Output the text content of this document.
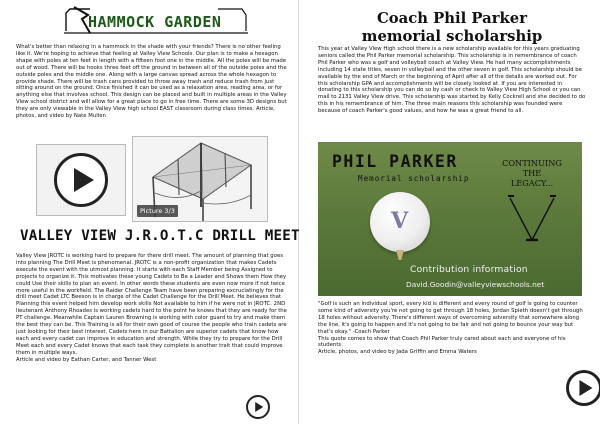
HAMMOCK GARDEN
What's better than relaxing in a hammock in the shade with your friends? There is no other feeling like it. We're hoping to achieve that feeling at Valley View Schools. Our plan is to make a hexagon shape with poles at ten feet in length with a fifteen foot one in the middle. All the poles will be made out of wood. There will be hooks three feet off the ground in between all of the outside poles and the outside poles and the middle one. Along with a large canvas spread across the whole hexagon to provide shade. There will be trash cans provided to throw away trash and reduce trash from just sitting around on the ground. Once finished it can be used as a relaxation area, reading area, or for anything else that involves school. This design can be placed and built in multiple areas in the Valley View school district and will allow for a great place to go in free time. There are some 3D designs but they are only viewable in the Valley View high school EAST classroom during class times. Article, photos, and video by Nate Mullen
Picture 3/3
VALLEY VIEW J.R.O.T.C DRILL MEET
Valley View JROTC is working hard to prepare for there drill meet. The amount of planning that goes into planning The Drill Meet is phenomenal. JROTC is a non-profit organization that makes Cadets execute the event with the utmost planning. It starts with each Staff Member being Assigned to projects to organize it. This motivates these young Cadets to Be a Leader and Shows them How they could Use their skills to plan an event. In other words these students are even now more if not twice more useful in the workfield. The Raider Challenge Team have been preparing excruciatingly for the drill meet Cadet LTC Beeson is in charge of the Cadet Challenge for the Drill Meet. He believes that Planning this event helped him develop work skills Not available to him if he were not in JROTC. 2ND lieutenant Anthony Rhoades is working cadets hard to the point he knows that they are ready for the PT challenge. Meanwhile Captain Lauren Browning is working with color guard to try and make them the best they can be. This Training is all for their own good of course the people who train cadets are just looking for their best interest. Cadets here in our Battalion are superior cadets that know how each and every cadet can improve in education and strength. While they try to prepare for the Drill Meet each and every Cadet knows that each task they complete is another trait that could improve them in multiple ways.
Article and video by Eathan Carter, and Tanner West
Coach Phil Parker
memorial scholarship
This year at Valley View High school there is a new scholarship available for this years graduating seniors called the Phil Parker memorial scholarship. This scholarship is in remembrance of coach Phil Parker who was a golf and volleyball coach at Valley View. He had many accomplishments including 14 state titles, seven in volleyball and the other seven in golf. This scholarship should be available by the end of March or the beginning of April after all of the details are worked out. For this scholarship GPA and accomplishments will be closely looked at. If you are interested in donating to this scholarship you can do so by cash or check to Valley View High School or you can mail to 2131 Valley View drive. This scholarship was started by Kelly Cockrell and she decided to do this in his remembrance of him. The three main reasons this scholarship was founded were because of coach Parker's good values, and how he was a great friend to all.
PHIL PARKER
Memorial scholarship
V
CONTINUING
THE
LEGACY...
Contribution information
David.Goodin@valleyviewschools.net
"Golf is such an individual sport, every kid is different and every round of golf is going to counter some kind of adversity you're not going to get through 18 holes, Jordan Spieth doesn't get through 18 holes without adversity. There's different ways of overcoming adversity that somewhere along the line, it's going to happen and it's not going to be fair and not going to bounce your way but that's okay." -Coach Parker
This quote comes to show that Coach Phil Parker truly cared about each and everyone of his students.
Article, photos, and video by Jada Griffin and Emma Waters
